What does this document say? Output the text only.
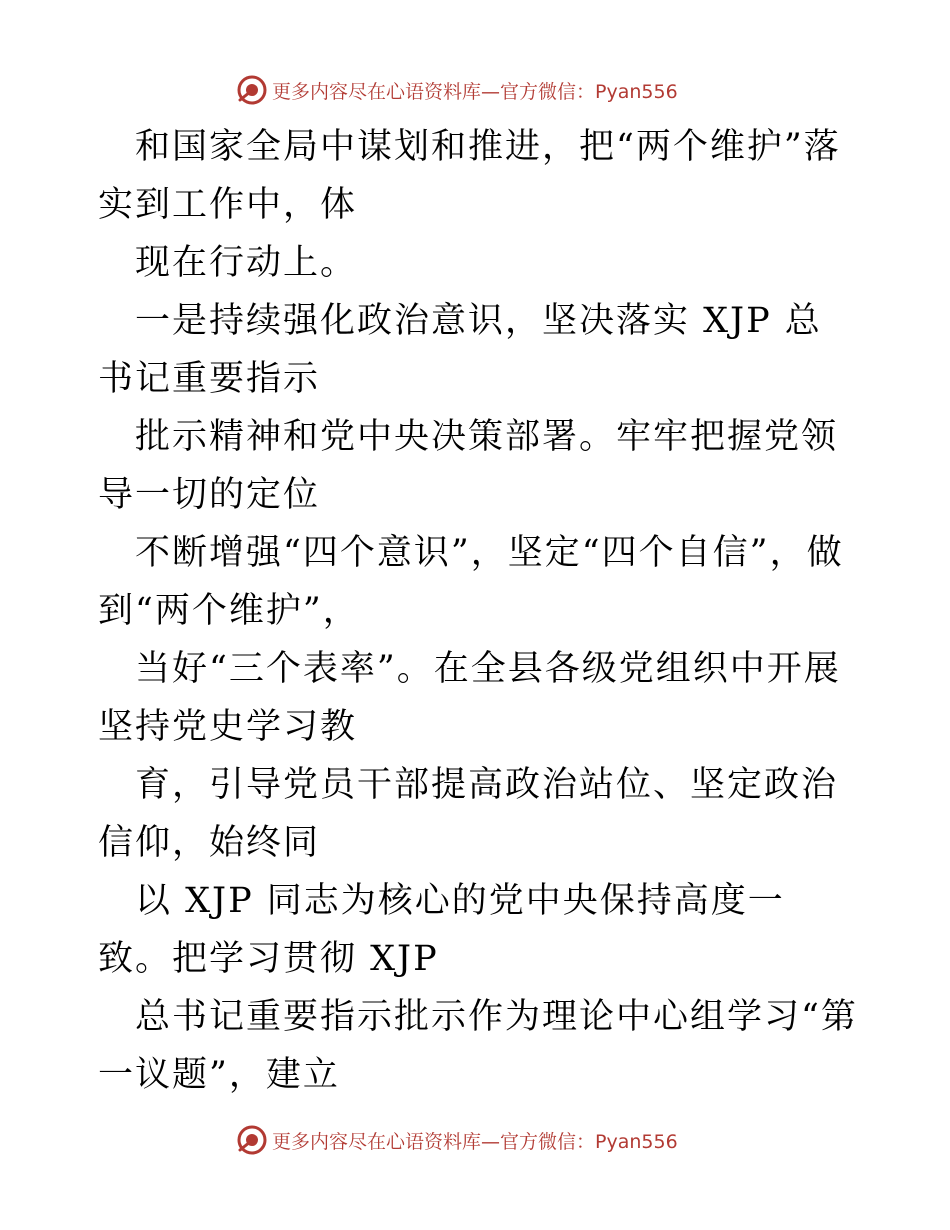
更多内容尽在心语资料库—官方微信：Pyan556

和国家全局中谋划和推进，把“两个维护”落实到工作中，体

现在行动上。

一是持续强化政治意识，坚决落实 XJP 总书记重要指示

批示精神和党中央决策部署。牢牢把握党领导一切的定位

不断增强“四个意识”，坚定“四个自信”，做到“两个维护”，

当好“三个表率”。在全县各级党组织中开展坚持党史学习教

育，引导党员干部提高政治站位、坚定政治信仰，始终同

以 XJP 同志为核心的党中央保持高度一致。把学习贯彻 XJP

总书记重要指示批示作为理论中心组学习“第一议题”，建立

更多内容尽在心语资料库—官方微信：Pyan556
